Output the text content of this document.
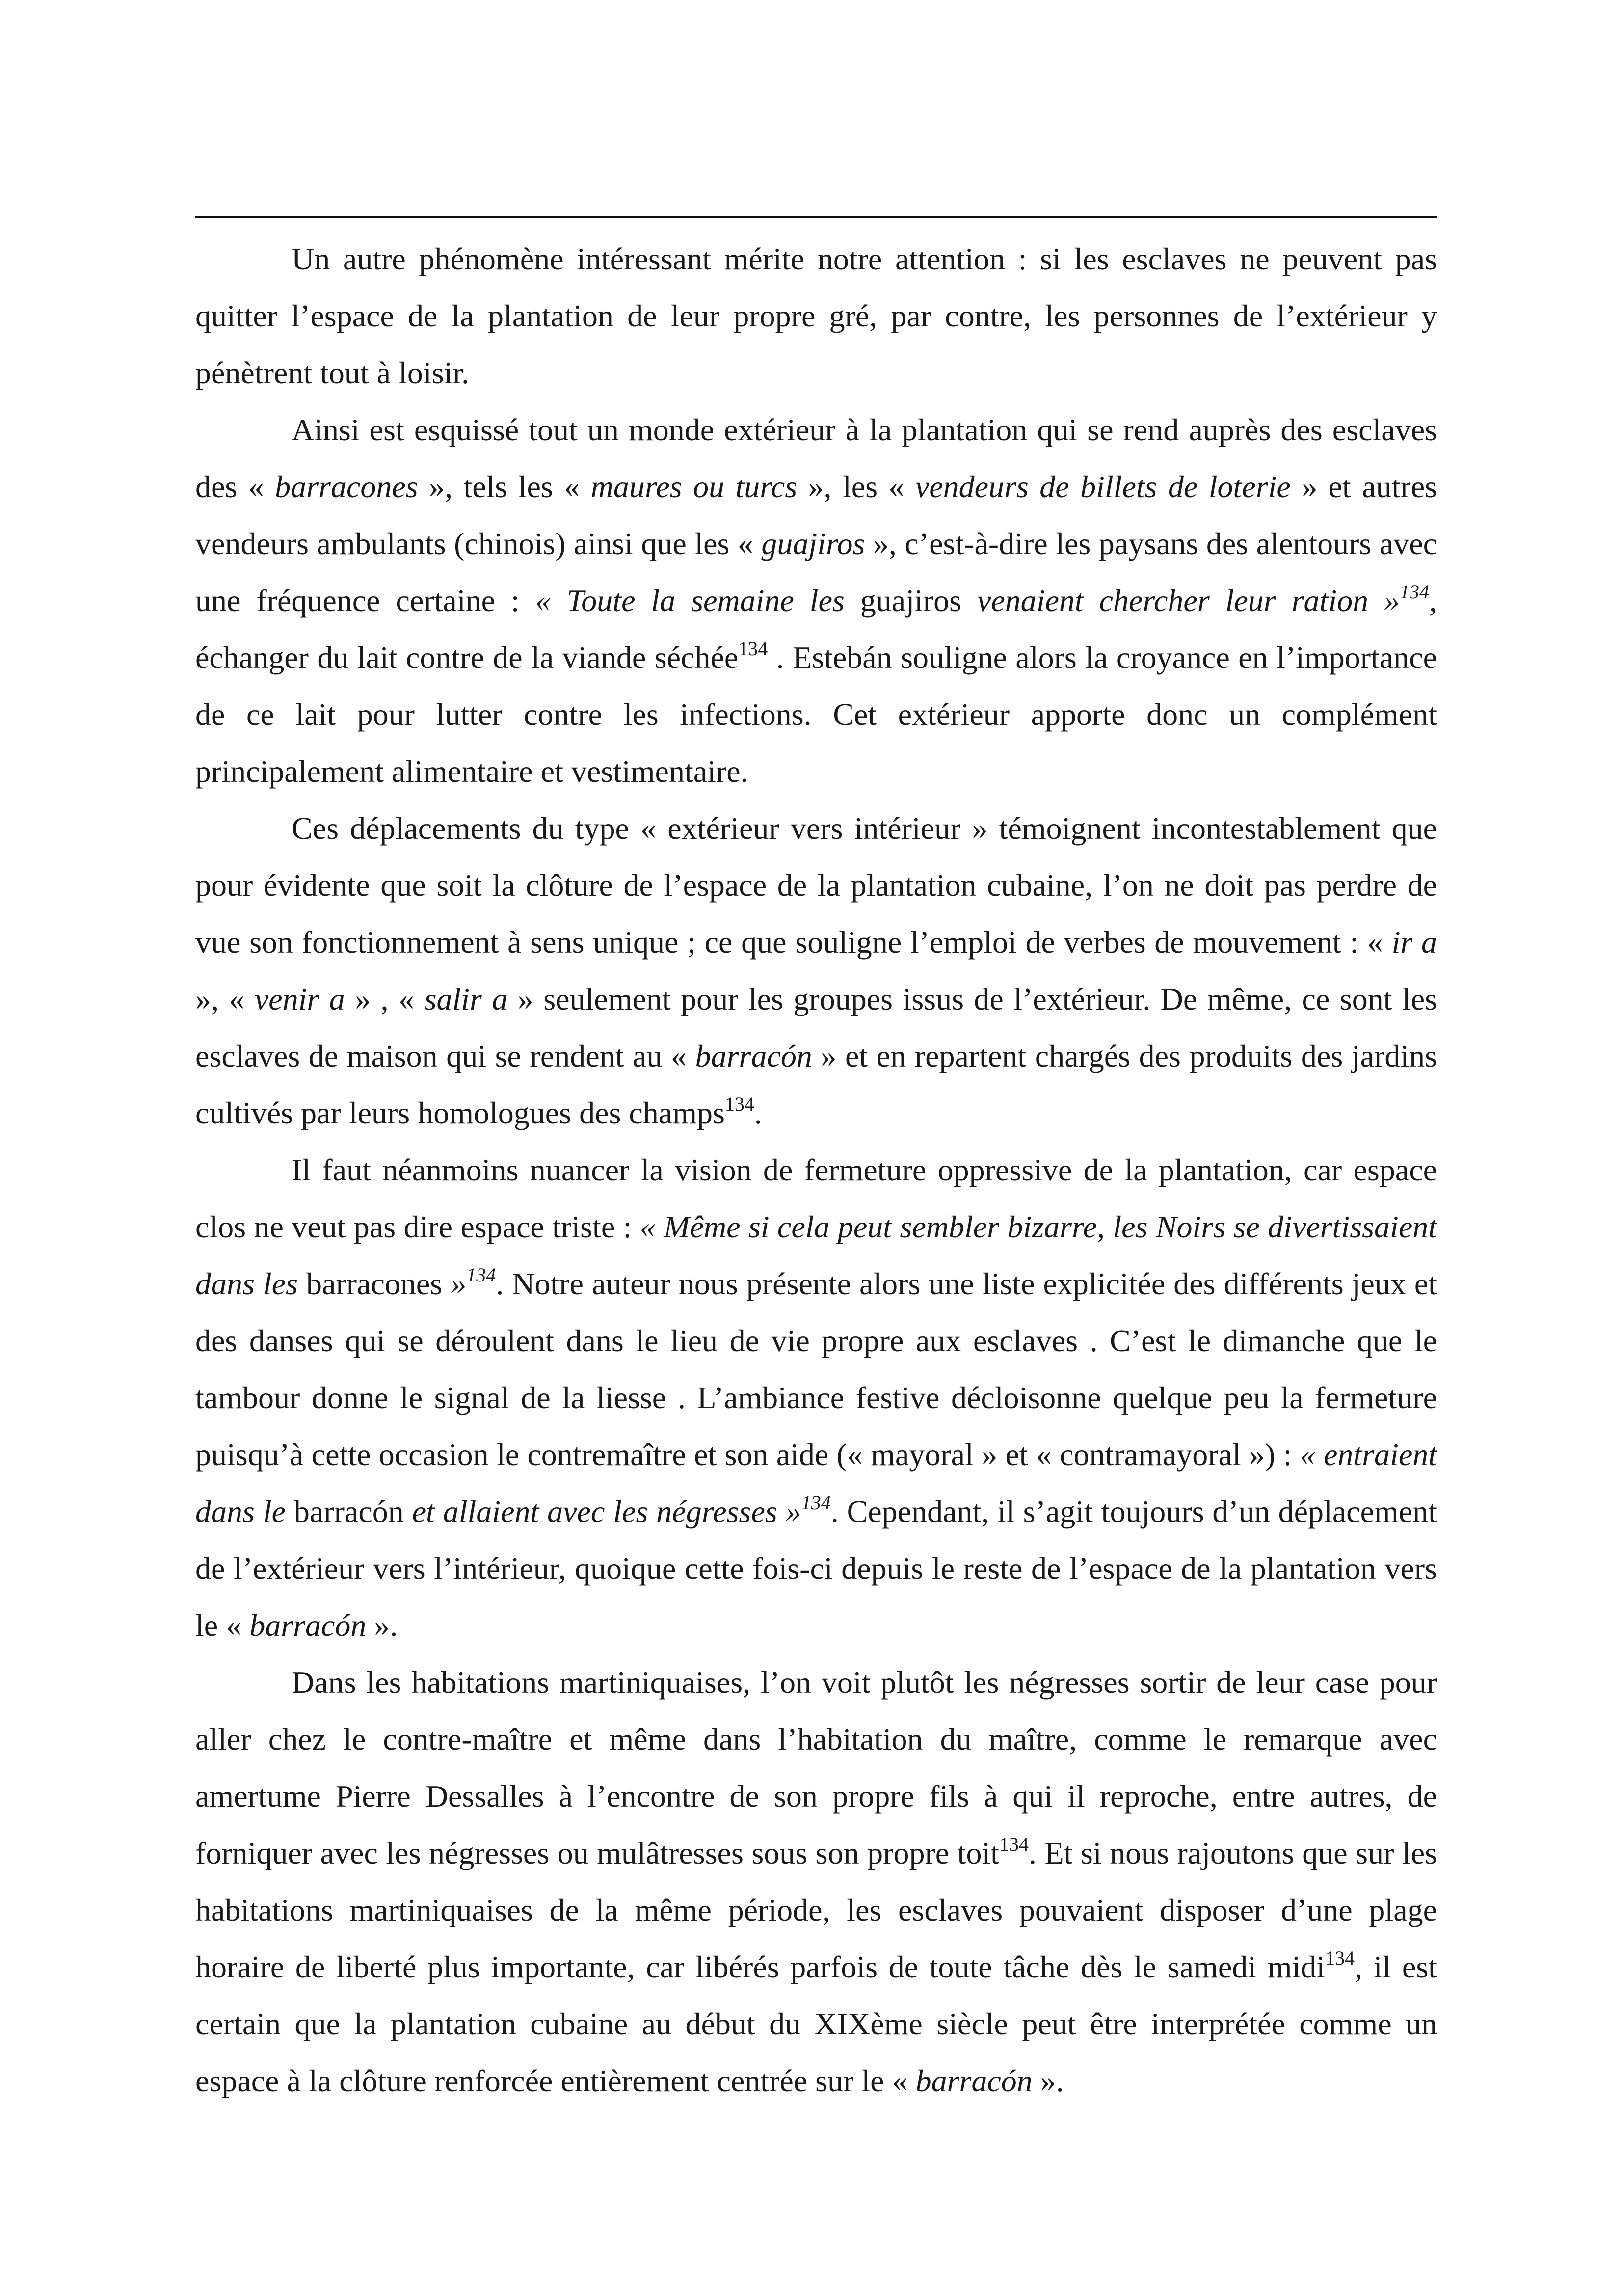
Un autre phénomène intéressant mérite notre attention : si les esclaves ne peuvent pas quitter l’espace de la plantation de leur propre gré, par contre, les personnes de l’extérieur y pénètrent tout à loisir.

Ainsi est esquissé tout un monde extérieur à la plantation qui se rend auprès des esclaves des « barracones », tels les « maures ou turcs », les « vendeurs de billets de loterie » et autres vendeurs ambulants (chinois) ainsi que les « guajiros », c’est-à-dire les paysans des alentours avec une fréquence certaine : « Toute la semaine les guajiros venaient chercher leur ration »$^{134}$, échanger du lait contre de la viande séchée$^{134}$ . Estebán souligne alors la croyance en l’importance de ce lait pour lutter contre les infections. Cet extérieur apporte donc un complément principalement alimentaire et vestimentaire.

Ces déplacements du type « extérieur vers intérieur » témoignent incontestablement que pour évidente que soit la clôture de l’espace de la plantation cubaine, l’on ne doit pas perdre de vue son fonctionnement à sens unique ; ce que souligne l’emploi de verbes de mouvement : « ir a », « venir a » , « salir a » seulement pour les groupes issus de l’extérieur. De même, ce sont les esclaves de maison qui se rendent au « barracón » et en repartent chargés des produits des jardins cultivés par leurs homologues des champs$^{134}$.

Il faut néanmoins nuancer la vision de fermeture oppressive de la plantation, car espace clos ne veut pas dire espace triste : « Même si cela peut sembler bizarre, les Noirs se divertissaient dans les barracones »$^{134}$. Notre auteur nous présente alors une liste explicitée des différents jeux et des danses qui se déroulent dans le lieu de vie propre aux esclaves . C’est le dimanche que le tambour donne le signal de la liesse . L’ambiance festive décloisonne quelque peu la fermeture puisqu’à cette occasion le contremaître et son aide (« mayoral » et « contramayoral ») : « entraient dans le barracón et allaient avec les négresses »$^{134}$. Cependant, il s’agit toujours d’un déplacement de l’extérieur vers l’intérieur, quoique cette fois-ci depuis le reste de l’espace de la plantation vers le « barracón ».

Dans les habitations martiniquaises, l’on voit plutôt les négresses sortir de leur case pour aller chez le contre-maître et même dans l’habitation du maître, comme le remarque avec amertume Pierre Dessalles à l’encontre de son propre fils à qui il reproche, entre autres, de forniquer avec les négresses ou mulâtresses sous son propre toit$^{134}$. Et si nous rajoutons que sur les habitations martiniquaises de la même période, les esclaves pouvaient disposer d’une plage horaire de liberté plus importante, car libérés parfois de toute tâche dès le samedi midi$^{134}$, il est certain que la plantation cubaine au début du XIXème siècle peut être interprétée comme un espace à la clôture renforcée entièrement centrée sur le « barracón ».
